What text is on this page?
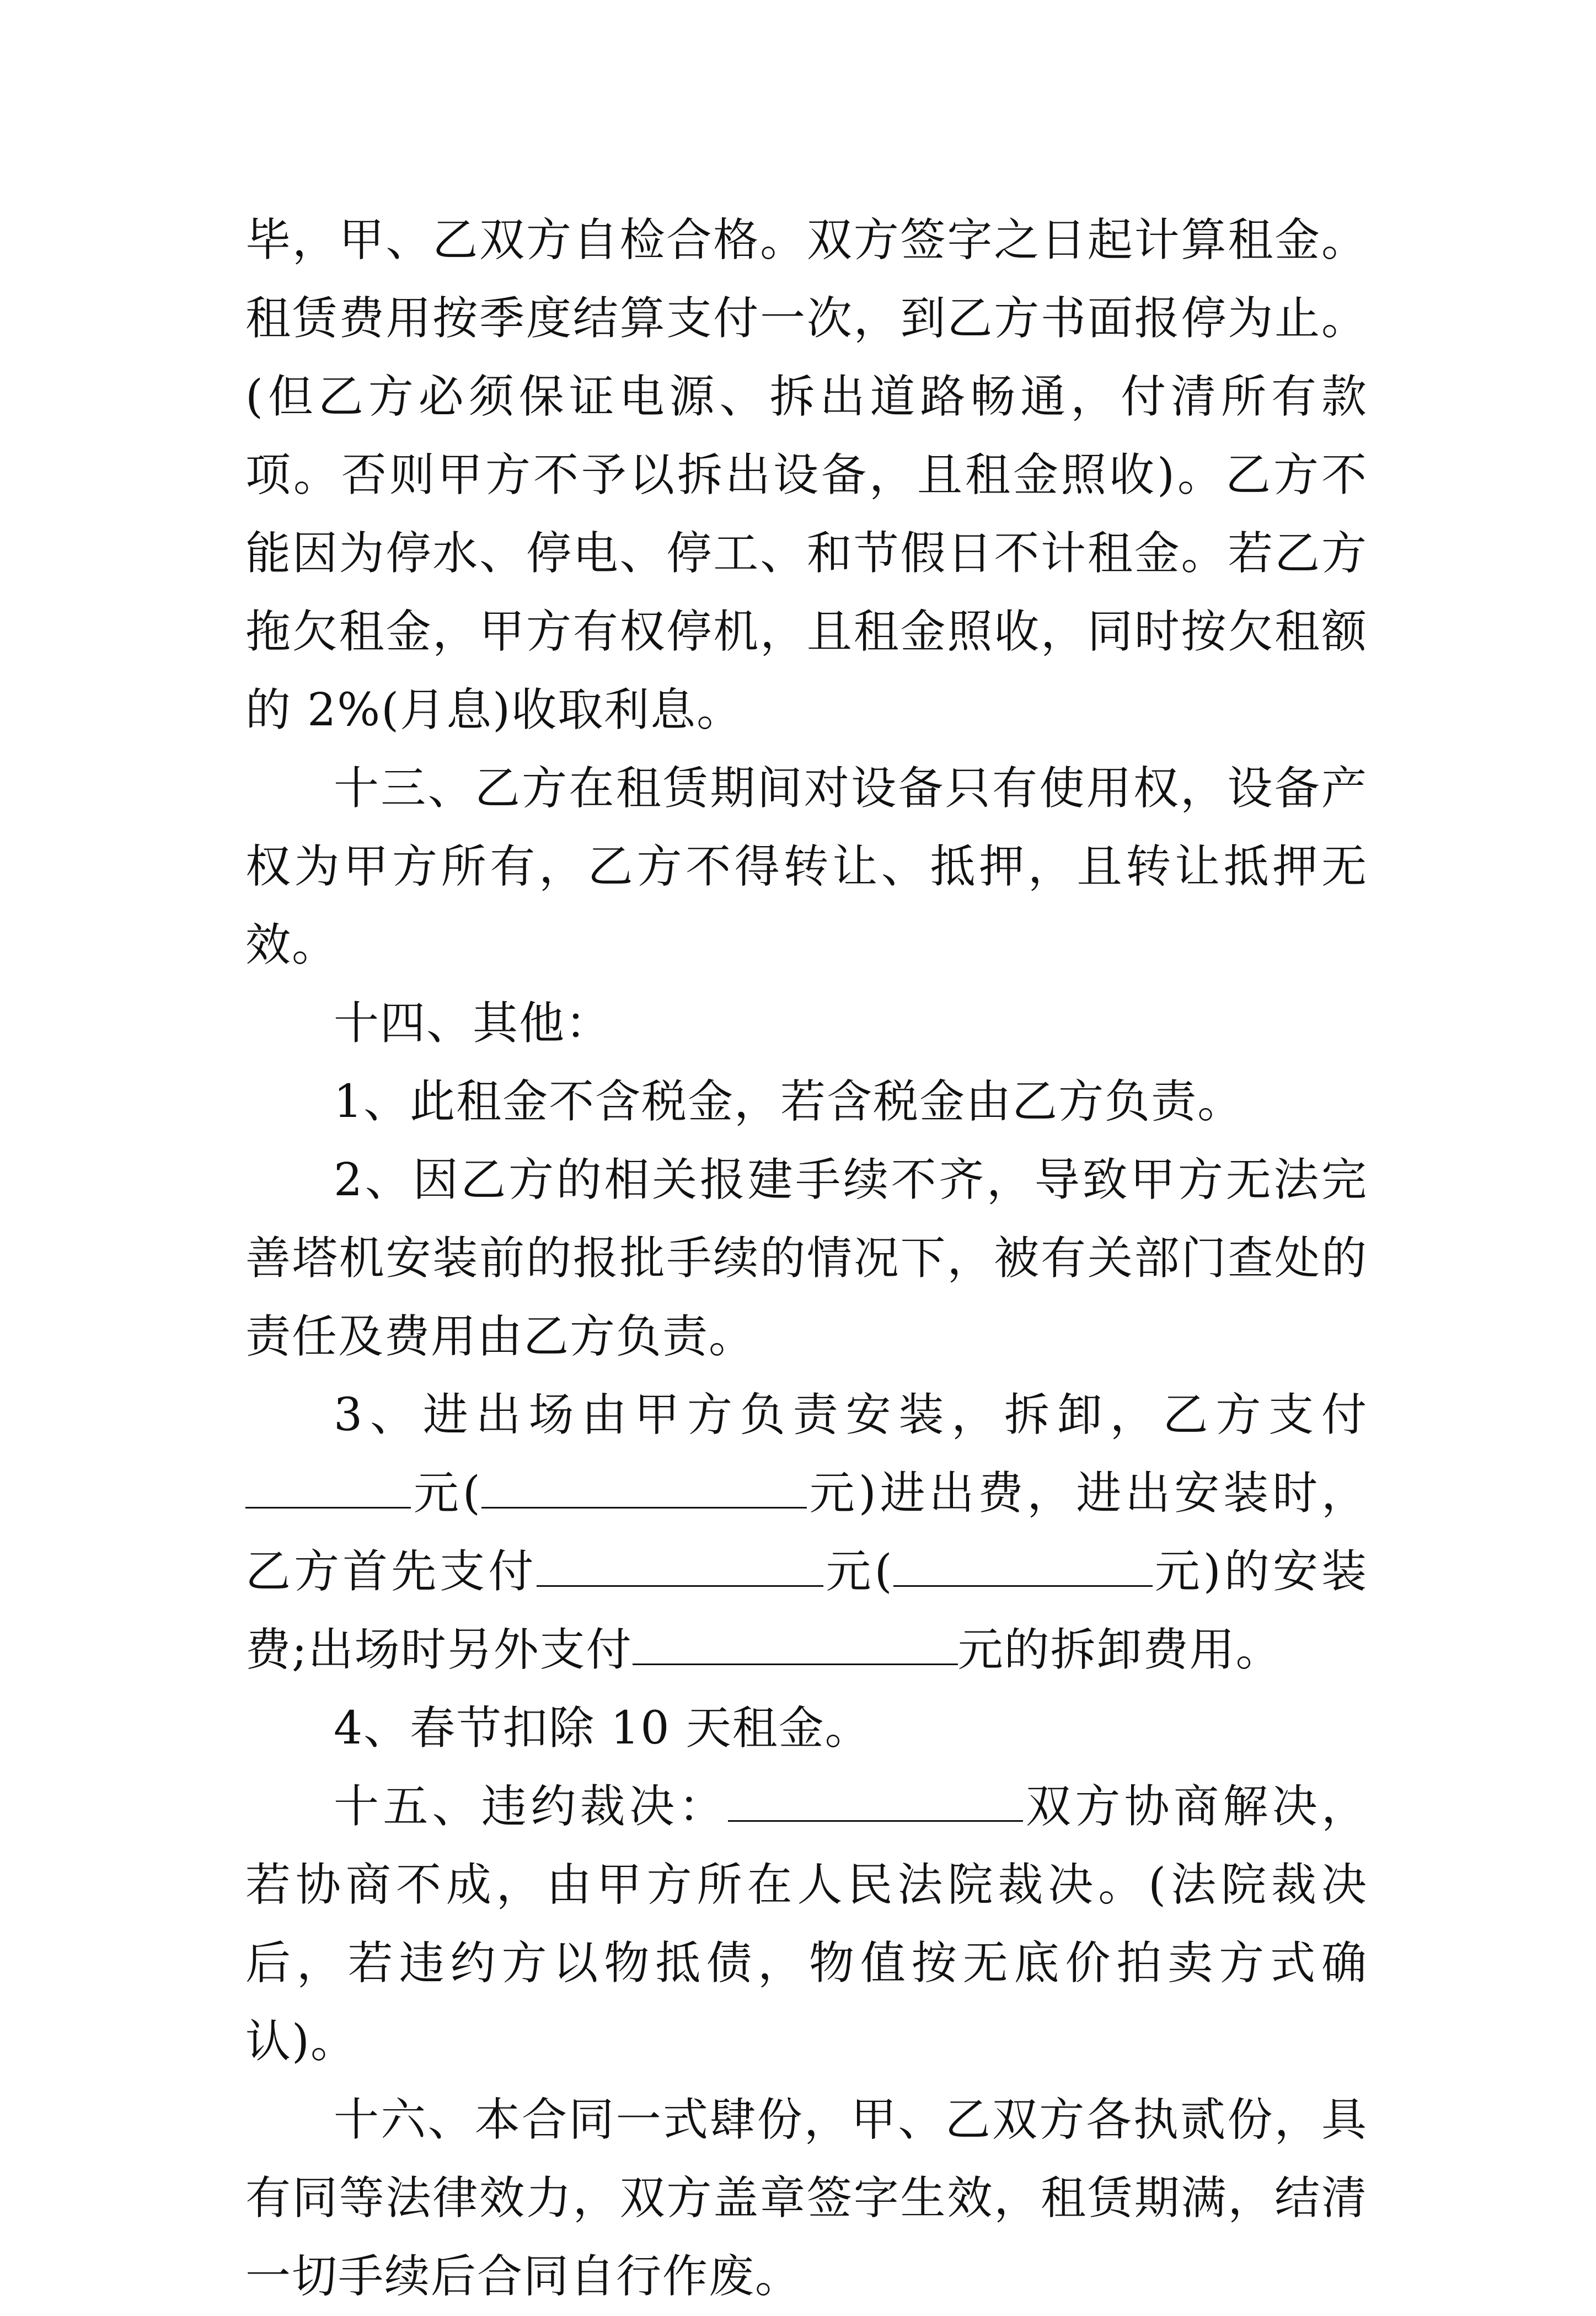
毕，甲、乙双方自检合格。双方签字之日起计算租金。租赁费用按季度结算支付一次，到乙方书面报停为止。(但乙方必须保证电源、拆出道路畅通，付清所有款项。否则甲方不予以拆出设备，且租金照收)。乙方不能因为停水、停电、停工、和节假日不计租金。若乙方拖欠租金，甲方有权停机，且租金照收，同时按欠租额的 2%(月息)收取利息。

十三、乙方在租赁期间对设备只有使用权，设备产权为甲方所有，乙方不得转让、抵押，且转让抵押无效。

十四、其他：

1、此租金不含税金，若含税金由乙方负责。

2、因乙方的相关报建手续不齐，导致甲方无法完善塔机安装前的报批手续的情况下，被有关部门查处的责任及费用由乙方负责。

3、进出场由甲方负责安装，拆卸，乙方支付元(	元)进出费，进出安装时，乙方首先支付	元(	元)的安装费;出场时另外支付	元的拆卸费用。

4、春节扣除 10 天租金。

十五、违约裁决：	双方协商解决，若协商不成，由甲方所在人民法院裁决。(法院裁决后，若违约方以物抵债，物值按无底价拍卖方式确认)。

十六、本合同一式肆份，甲、乙双方各执贰份，具有同等法律效力，双方盖章签字生效，租赁期满，结清一切手续后合同自行作废。
